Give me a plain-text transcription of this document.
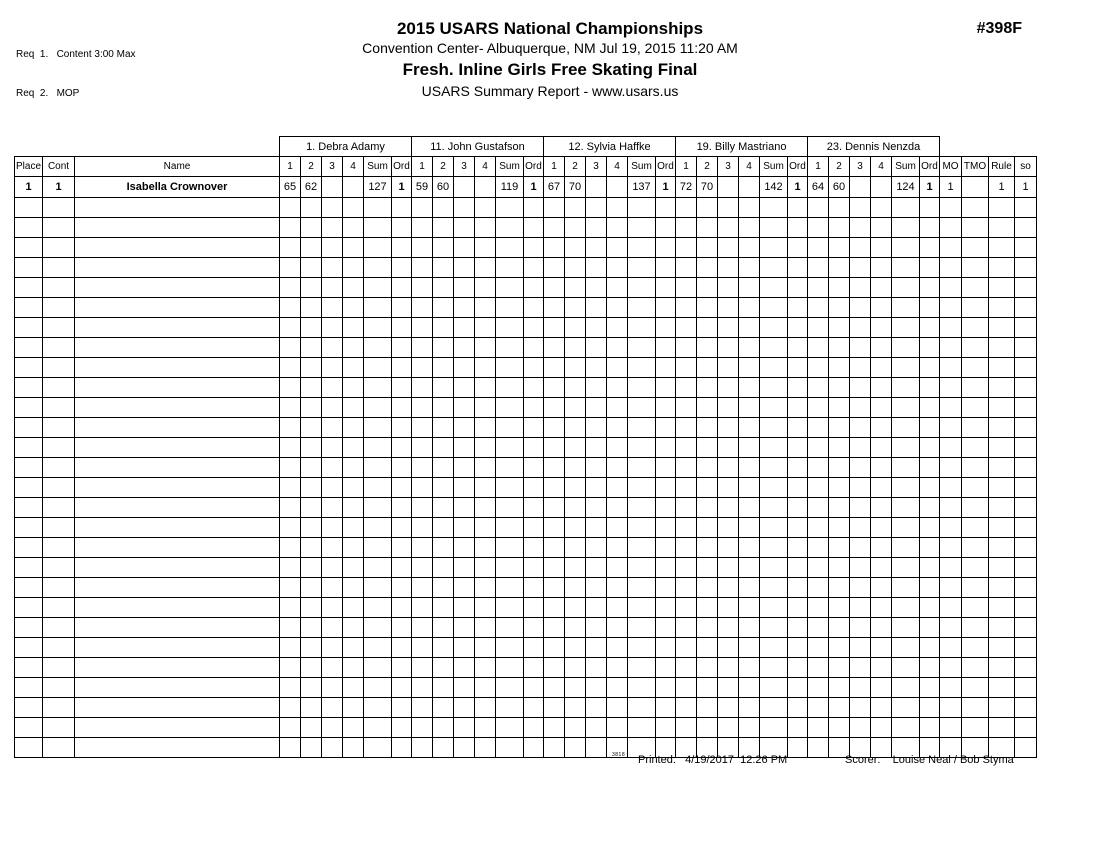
Req  1.   Content 3:00 Max

Req  2.   MOP

2015 USARS National Championships
Convention Center- Albuquerque, NM Jul 19, 2015 11:20 AM
Fresh. Inline Girls Free Skating Final
USARS Summary Report - www.usars.us
#398F
			1. Debra Adamy						11. John Gustafson						12. Sylvia Haffke						19. Billy Mastriano						23. Dennis Nenzda									
Place	Cont	Name	1	2	3	4	Sum	Ord	1	2	3	4	Sum	Ord	1	2	3	4	Sum	Ord	1	2	3	4	Sum	Ord	1	2	3	4	Sum	Ord	MO	TMO	Rule	so
1	1	Isabella Crownover	65	62			127	1	59	60			119	1	67	70			137	1	72	70			142	1	64	60			124	1	1		1	1

3818 Printed:   4/19/2017  12:26 PM	Scorer:    Louise Neal / Bob Styma
